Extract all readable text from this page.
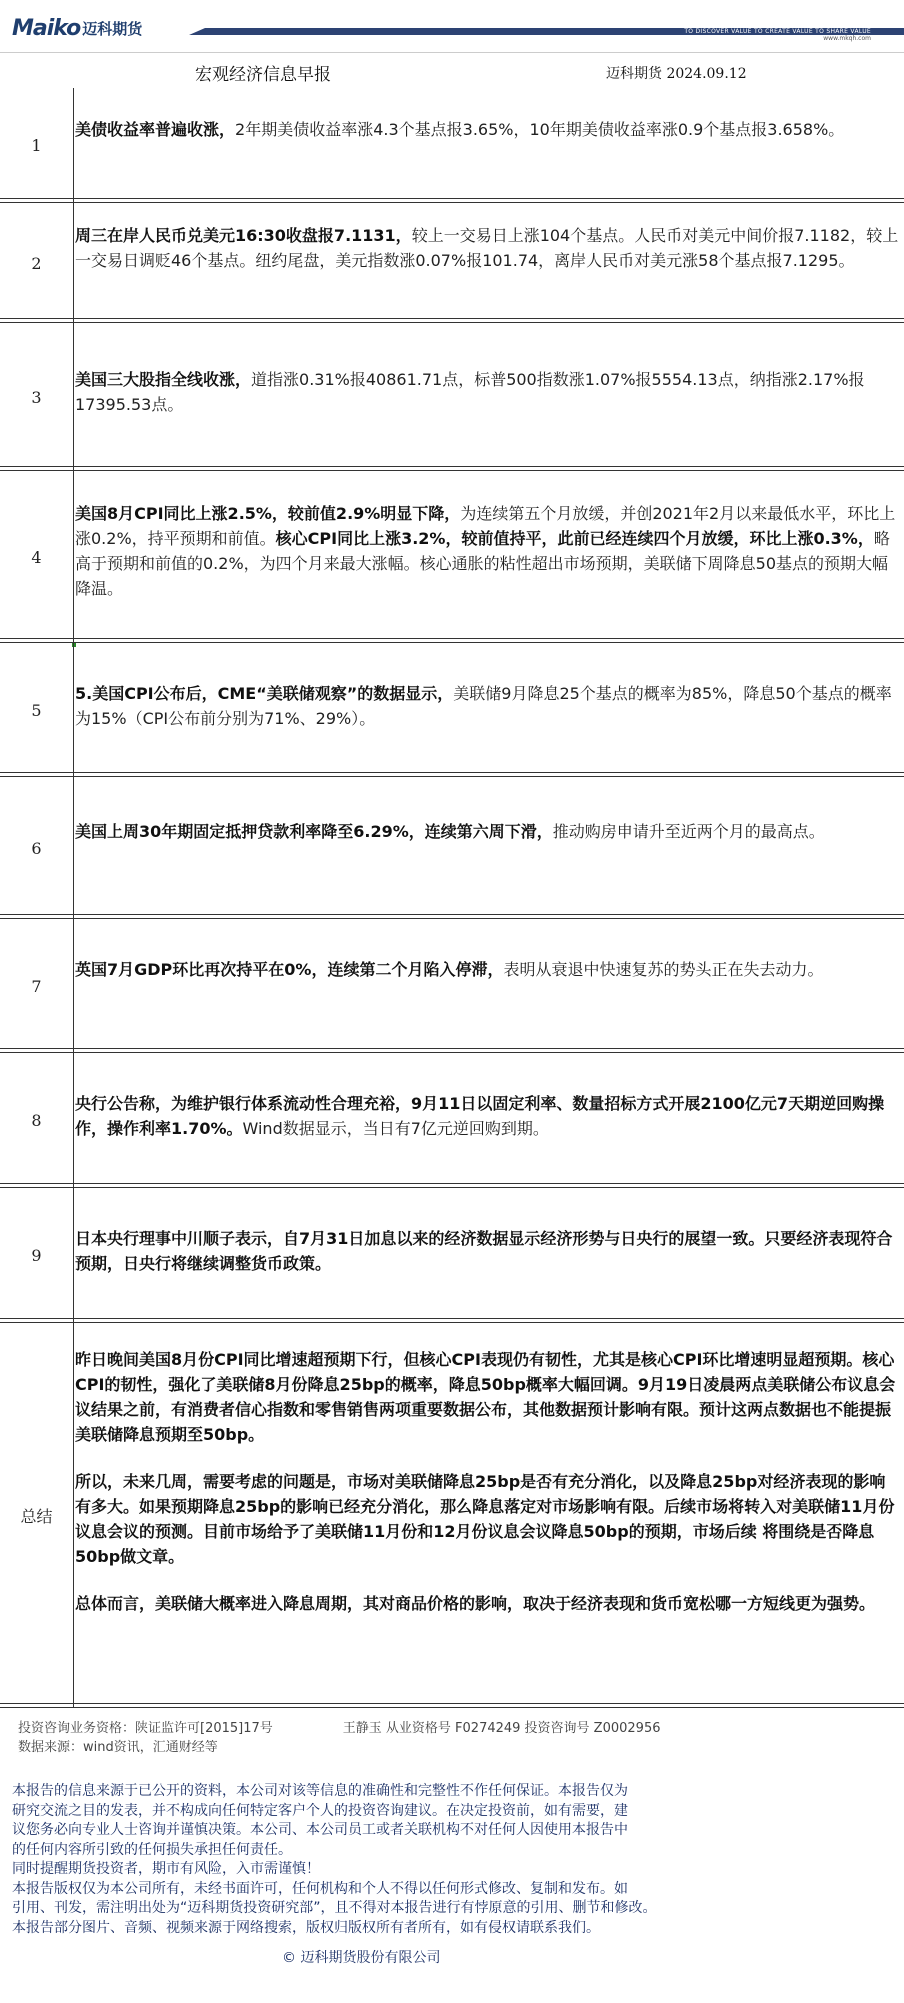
Maiko 迈科期货	TO DISCOVER VALUE TO CREATE VALUE TO SHARE VALUE
www.mkqh.com
宏观经济信息早报	迈科期货 2024.09.12
1
美债收益率普遍收涨，2年期美债收益率涨4.3个基点报3.65%，10年期美债收益率涨0.9个基点报3.658%。
2
周三在岸人民币兑美元16:30收盘报7.1131，较上一交易日上涨104个基点。人民币对美元中间价报7.1182，较上一交易日调贬46个基点。纽约尾盘，美元指数涨0.07%报101.74，离岸人民币对美元涨58个基点报7.1295。
3
美国三大股指全线收涨，道指涨0.31%报40861.71点，标普500指数涨1.07%报5554.13点，纳指涨2.17%报17395.53点。
4
美国8月CPI同比上涨2.5%，较前值2.9%明显下降，为连续第五个月放缓，并创2021年2月以来最低水平，环比上涨0.2%，持平预期和前值。核心CPI同比上涨3.2%，较前值持平，此前已经连续四个月放缓，环比上涨0.3%，略高于预期和前值的0.2%，为四个月来最大涨幅。核心通胀的粘性超出市场预期，美联储下周降息50基点的预期大幅降温。
5
5.美国CPI公布后，CME“美联储观察”的数据显示，美联储9月降息25个基点的概率为85%，降息50个基点的概率为15%（CPI公布前分别为71%、29%）。
6
美国上周30年期固定抵押贷款利率降至6.29%，连续第六周下滑，推动购房申请升至近两个月的最高点。
7
英国7月GDP环比再次持平在0%，连续第二个月陷入停滞，表明从衰退中快速复苏的势头正在失去动力。
8
央行公告称，为维护银行体系流动性合理充裕，9月11日以固定利率、数量招标方式开展2100亿元7天期逆回购操作，操作利率1.70%。Wind数据显示，当日有7亿元逆回购到期。
9
日本央行理事中川顺子表示，自7月31日加息以来的经济数据显示经济形势与日央行的展望一致。只要经济表现符合预期，日央行将继续调整货币政策。
总结

昨日晚间美国8月份CPI同比增速超预期下行，但核心CPI表现仍有韧性，尤其是核心CPI环比增速明显超预期。核心CPI的韧性，强化了美联储8月份降息25bp的概率，降息50bp概率大幅回调。9月19日凌晨两点美联储公布议息会议结果之前，有消费者信心指数和零售销售两项重要数据公布，其他数据预计影响有限。预计这两点数据也不能提振美联储降息预期至50bp。

所以，未来几周，需要考虑的问题是，市场对美联储降息25bp是否有充分消化，以及降息25bp对经济表现的影响有多大。如果预期降息25bp的影响已经充分消化，那么降息落定对市场影响有限。后续市场将转入对美联储11月份议息会议的预测。目前市场给予了美联储11月份和12月份议息会议降息50bp的预期，市场后续 将围绕是否降息50bp做文章。

总体而言，美联储大概率进入降息周期，其对商品价格的影响，取决于经济表现和货币宽松哪一方短线更为强势。

投资咨询业务资格：陕证监许可[2015]17号	王静玉 从业资格号 F0274249 投资咨询号 Z0002956
数据来源：wind资讯，汇通财经等
本报告的信息来源于已公开的资料，本公司对该等信息的准确性和完整性不作任何保证。本报告仅为
研究交流之目的发表，并不构成向任何特定客户个人的投资咨询建议。在决定投资前，如有需要，建
议您务必向专业人士咨询并谨慎决策。本公司、本公司员工或者关联机构不对任何人因使用本报告中
的任何内容所引致的任何损失承担任何责任。
同时提醒期货投资者，期市有风险，入市需谨慎！
本报告版权仅为本公司所有，未经书面许可，任何机构和个人不得以任何形式修改、复制和发布。如
引用、刊发，需注明出处为“迈科期货投资研究部”，且不得对本报告进行有悖原意的引用、删节和修改。
本报告部分图片、音频、视频来源于网络搜索，版权归版权所有者所有，如有侵权请联系我们。
© 迈科期货股份有限公司
